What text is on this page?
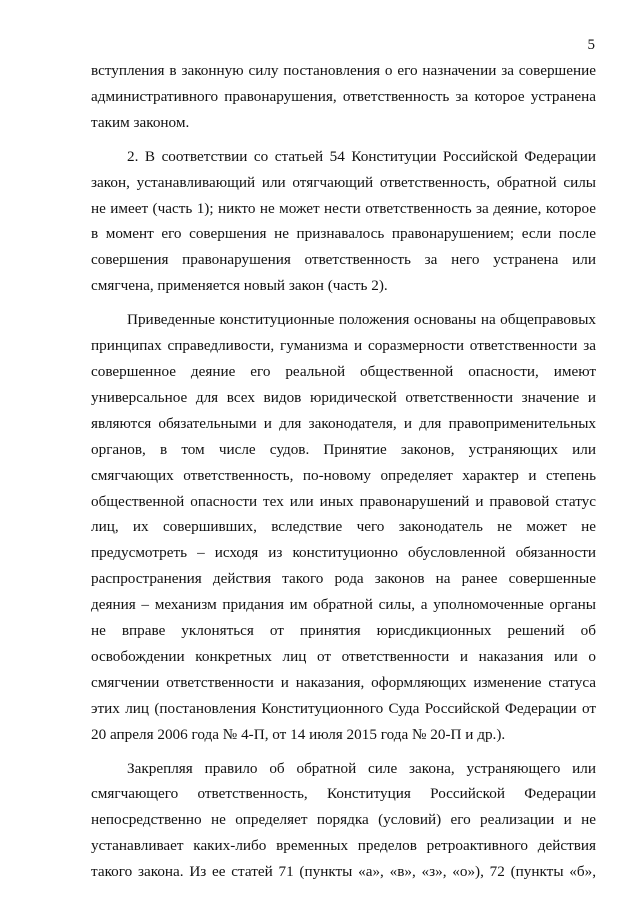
5
вступления в законную силу постановления о его назначении за совершение
административного правонарушения, ответственность за которое устранена
таким законом.
2. В соответствии со статьей 54 Конституции Российской Федерации
закон, устанавливающий или отягчающий ответственность, обратной силы
не имеет (часть 1); никто не может нести ответственность за деяние, которое
в момент его совершения не признавалось правонарушением; если после
совершения правонарушения ответственность за него устранена или
смягчена, применяется новый закон (часть 2).
Приведенные конституционные положения основаны на общеправовых
принципах справедливости, гуманизма и соразмерности ответственности за
совершенное деяние его реальной общественной опасности, имеют
универсальное для всех видов юридической ответственности значение и
являются обязательными и для законодателя, и для правоприменительных
органов, в том числе судов. Принятие законов, устраняющих или
смягчающих ответственность, по-новому определяет характер и степень
общественной опасности тех или иных правонарушений и правовой статус
лиц, их совершивших, вследствие чего законодатель не может не
предусмотреть – исходя из конституционно обусловленной обязанности
распространения действия такого рода законов на ранее совершенные
деяния – механизм придания им обратной силы, а уполномоченные органы
не вправе уклоняться от принятия юрисдикционных решений об
освобождении конкретных лиц от ответственности и наказания или о
смягчении ответственности и наказания, оформляющих изменение статуса
этих лиц (постановления Конституционного Суда Российской Федерации от
20 апреля 2006 года № 4-П, от 14 июля 2015 года № 20-П и др.).
Закрепляя правило об обратной силе закона, устраняющего или
смягчающего ответственность, Конституция Российской Федерации
непосредственно не определяет порядка (условий) его реализации и не
устанавливает каких-либо временных пределов ретроактивного действия
такого закона. Из ее статей 71 (пункты «а», «в», «з», «о»), 72 (пункты «б»,
